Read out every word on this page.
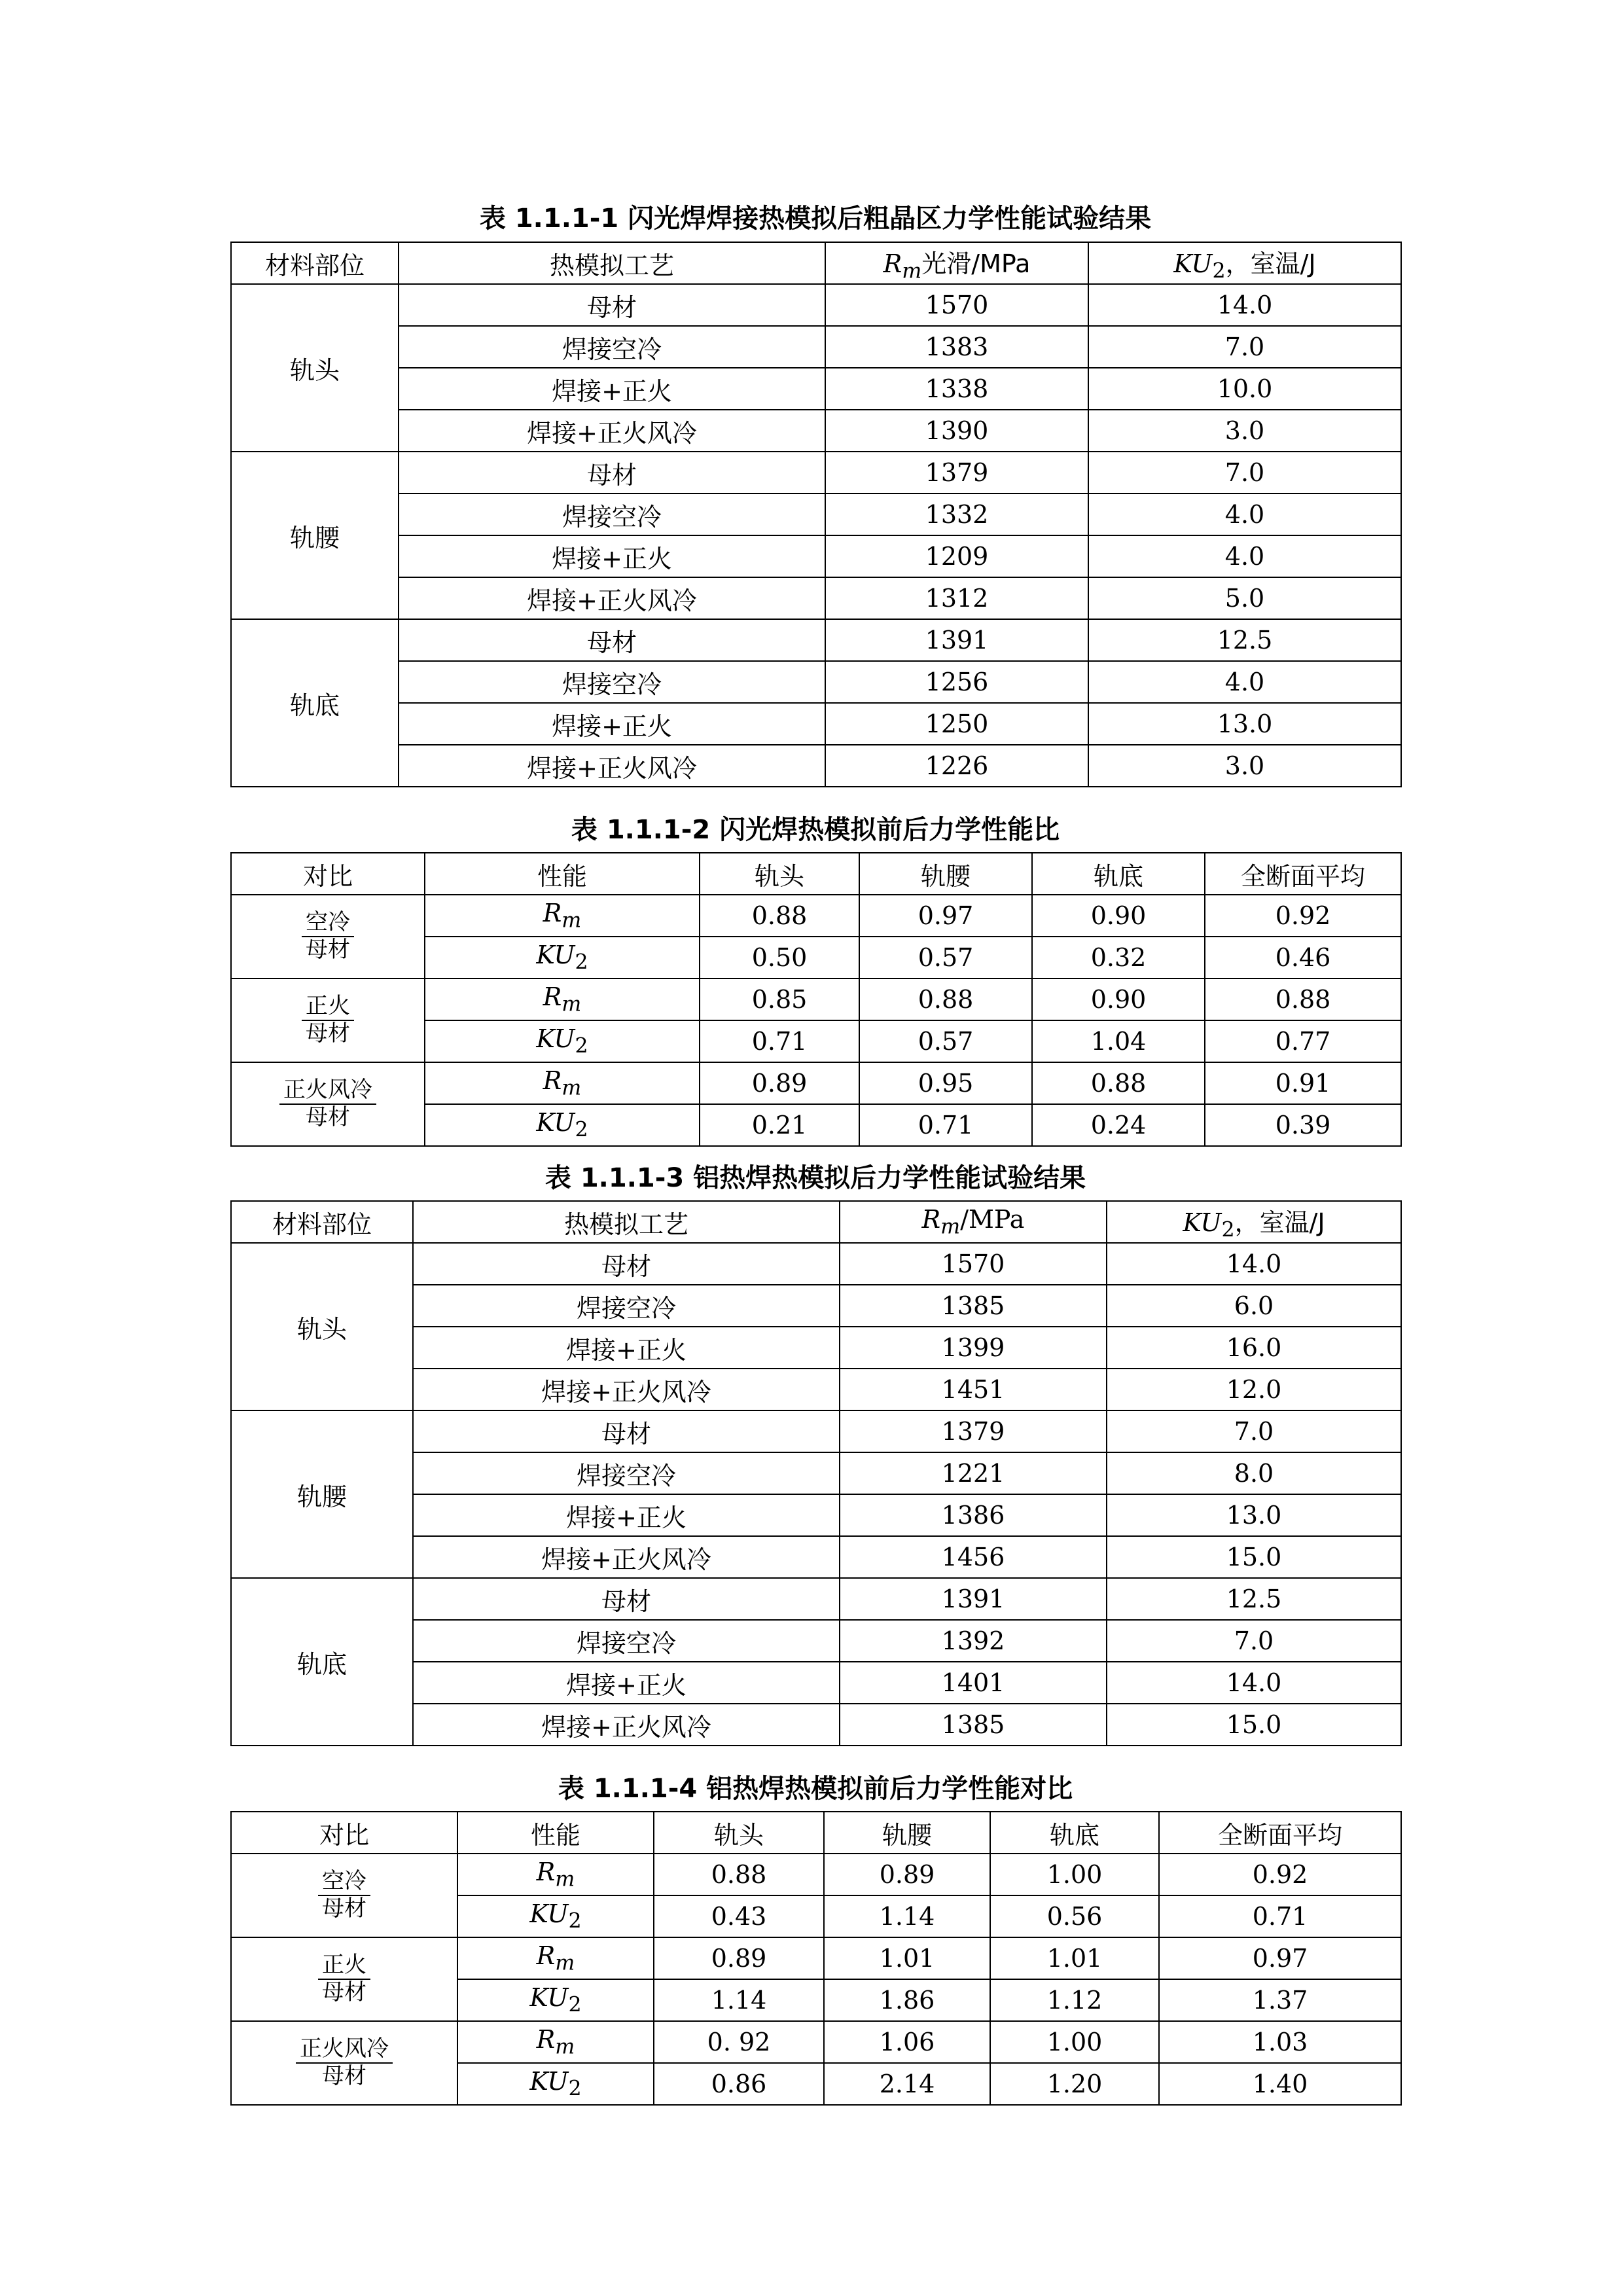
表 1.1.1-1 闪光焊焊接热模拟后粗晶区力学性能试验结果
材料部位	热模拟工艺	$R_m$光滑/MPa	$KU_2$，室温/J
轨头	母材	1570	14.0
	焊接空冷	1383	7.0
	焊接+正火	1338	10.0
	焊接+正火风冷	1390	3.0
轨腰	母材	1379	7.0
	焊接空冷	1332	4.0
	焊接+正火	1209	4.0
	焊接+正火风冷	1312	5.0
轨底	母材	1391	12.5
	焊接空冷	1256	4.0
	焊接+正火	1250	13.0
	焊接+正火风冷	1226	3.0
表 1.1.1-2 闪光焊热模拟前后力学性能比
对比	性能	轨头	轨腰	轨底	全断面平均

$\frac{\text{空冷}}{\text{母材}}$	$R_m$	0.88	0.97	0.90	0.92
	$KU_2$	0.50	0.57	0.32	0.46

$\frac{\text{正火}}{\text{母材}}$	$R_m$	0.85	0.88	0.90	0.88
	$KU_2$	0.71	0.57	1.04	0.77

$\frac{\text{正火风冷}}{\text{母材}}$	$R_m$	0.89	0.95	0.88	0.91
	$KU_2$	0.21	0.71	0.24	0.39
表 1.1.1-3 铝热焊热模拟后力学性能试验结果
材料部位	热模拟工艺	$R_m$/MPa	$KU_2$，室温/J
轨头	母材	1570	14.0
	焊接空冷	1385	6.0
	焊接+正火	1399	16.0
	焊接+正火风冷	1451	12.0
轨腰	母材	1379	7.0
	焊接空冷	1221	8.0
	焊接+正火	1386	13.0
	焊接+正火风冷	1456	15.0
轨底	母材	1391	12.5
	焊接空冷	1392	7.0
	焊接+正火	1401	14.0
	焊接+正火风冷	1385	15.0
表 1.1.1-4 铝热焊热模拟前后力学性能对比
对比	性能	轨头	轨腰	轨底	全断面平均

$\frac{\text{空冷}}{\text{母材}}$	$R_m$	0.88	0.89	1.00	0.92
	$KU_2$	0.43	1.14	0.56	0.71

$\frac{\text{正火}}{\text{母材}}$	$R_m$	0.89	1.01	1.01	0.97
	$KU_2$	1.14	1.86	1.12	1.37

$\frac{\text{正火风冷}}{\text{母材}}$	$R_m$	0. 92	1.06	1.00	1.03
	$KU_2$	0.86	2.14	1.20	1.40
